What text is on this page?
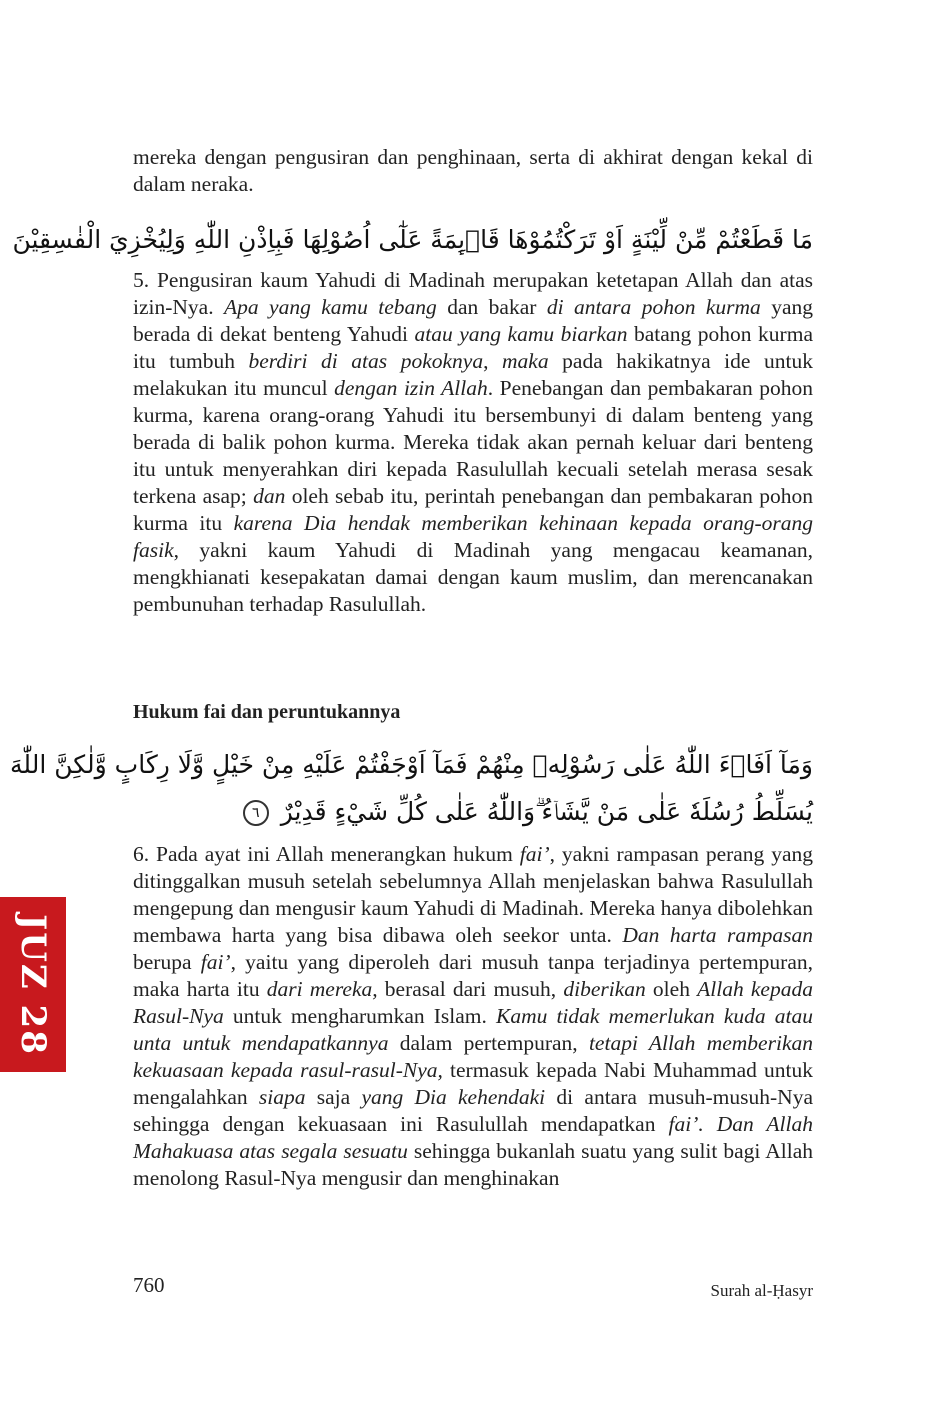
JUZ 28

mereka dengan pengusiran dan penghinaan, serta di akhirat dengan kekal di dalam neraka.

مَا قَطَعْتُمْ مِّنْ لِّيْنَةٍ اَوْ تَرَكْتُمُوْهَا قَاۤىِٕمَةً عَلٰٓى اُصُوْلِهَا فَبِاِذْنِ اللّٰهِ وَلِيُخْزِيَ الْفٰسِقِيْنَ

5. Pengusiran kaum Yahudi di Madinah merupakan ketetapan Allah dan atas izin-Nya. Apa yang kamu tebang dan bakar di antara pohon kurma yang berada di dekat benteng Yahudi atau yang kamu biarkan batang pohon kurma itu tumbuh berdiri di atas pokoknya, maka pada hakikatnya ide untuk melakukan itu muncul dengan izin Allah. Penebangan dan pembakaran pohon kurma, karena orang-orang Yahudi itu bersembunyi di dalam benteng yang berada di balik pohon kurma. Mereka tidak akan pernah keluar dari benteng itu untuk menyerahkan diri kepada Rasulullah kecuali setelah merasa sesak terkena asap; dan oleh sebab itu, perintah penebangan dan pembakaran pohon kurma itu karena Dia hendak memberikan kehinaan kepada orang-orang fasik, yakni kaum Yahudi di Madinah yang mengacau keamanan, mengkhianati kesepakatan damai dengan kaum muslim, dan merencanakan pembunuhan terhadap Rasulullah.

Hukum fai dan peruntukannya

وَمَآ اَفَاۤءَ اللّٰهُ عَلٰى رَسُوْلِهٖ مِنْهُمْ فَمَآ اَوْجَفْتُمْ عَلَيْهِ مِنْ خَيْلٍ وَّلَا رِكَابٍ وَّلٰكِنَّ اللّٰهَ
يُسَلِّطُ رُسُلَهٗ عَلٰى مَنْ يَّشَاۤءُ ۗوَاللّٰهُ عَلٰى كُلِّ شَيْءٍ قَدِيْرٌ ٦

6. Pada ayat ini Allah menerangkan hukum fai’, yakni rampasan perang yang ditinggalkan musuh setelah sebelumnya Allah menjelaskan bahwa Rasulullah mengepung dan mengusir kaum Yahudi di Madinah. Mereka hanya dibolehkan membawa harta yang bisa dibawa oleh seekor unta. Dan harta rampasan berupa fai’, yaitu yang diperoleh dari musuh tanpa terjadinya pertempuran, maka harta itu dari mereka, berasal dari musuh, diberikan oleh Allah kepada Rasul-Nya untuk mengharumkan Islam. Kamu tidak memerlukan kuda atau unta untuk mendapatkannya dalam pertempuran, tetapi Allah memberikan kekuasaan kepada rasul-rasul-Nya, termasuk kepada Nabi Muhammad untuk mengalahkan siapa saja yang Dia kehendaki di antara musuh-musuh-Nya sehingga dengan kekuasaan ini Rasulullah mendapatkan fai’. Dan Allah Mahakuasa atas segala sesuatu sehingga bukanlah suatu yang sulit bagi Allah menolong Rasul-Nya mengusir dan menghinakan

760	Surah al-Ḥasyr
